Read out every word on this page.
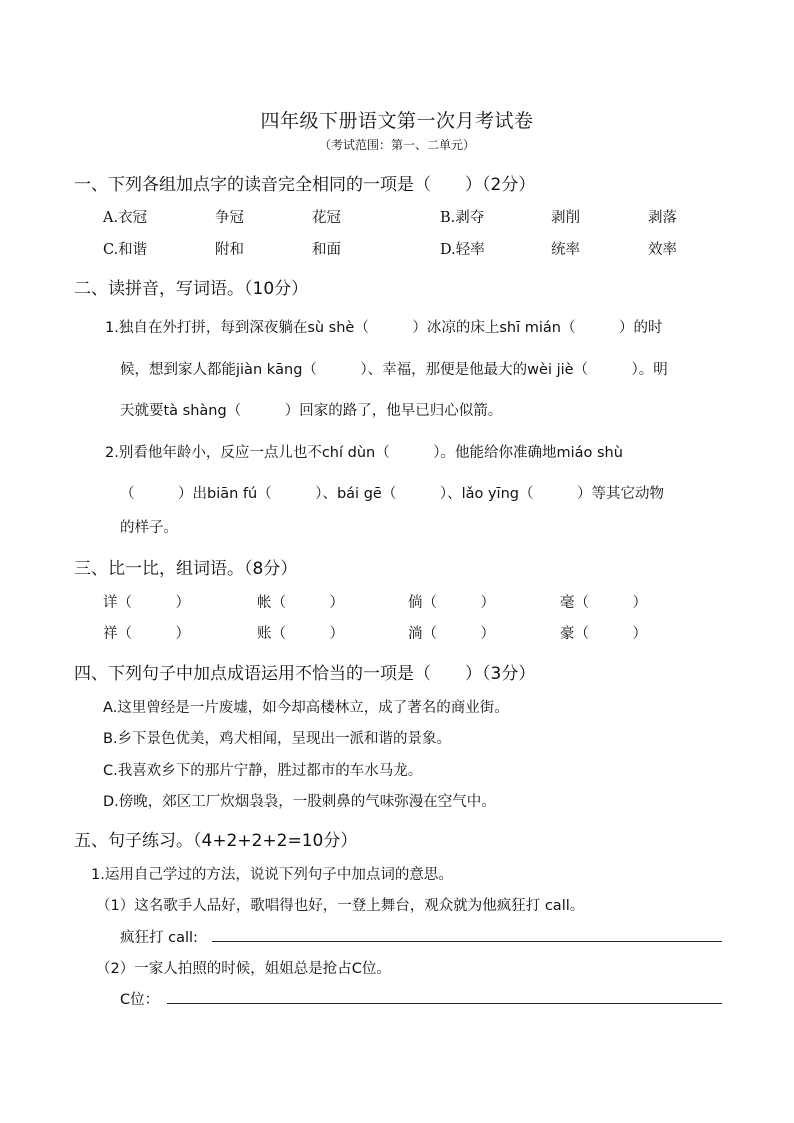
四年级下册语文第一次月考试卷
（考试范围：第一、二单元）
一、下列各组加点字的读音完全相同的一项是（　　）（2分）
A.衣冠	争冠	花冠	B.剥夺	剥削	剥落
C.和谐	附和	和面	D.轻率	统率	效率
二、读拼音，写词语。（10分）
1.独自在外打拼，每到深夜躺在sù shè（　　　）冰凉的床上shī mián（　　　）的时
候，想到家人都能jiàn kāng（　　　）、幸福，那便是他最大的wèi jiè（　　　）。明
天就要tà shàng（　　　）回家的路了，他早已归心似箭。
2.别看他年龄小，反应一点儿也不chí dùn（　　　）。他能给你准确地miáo shù
（　　　）出biān fú（　　　）、bái gē（　　　）、lǎo yīng（　　　）等其它动物
的样子。
三、比一比，组词语。（8分）
详（　　　）	帐（　　　）	倘（　　　）	毫（　　　）
祥（　　　）	账（　　　）	淌（　　　）	豪（　　　）
四、下列句子中加点成语运用不恰当的一项是（　　）（3分）
A.这里曾经是一片废墟，如今却高楼林立，成了著名的商业街。
B.乡下景色优美，鸡犬相闻，呈现出一派和谐的景象。
C.我喜欢乡下的那片宁静，胜过都市的车水马龙。
D.傍晚，郊区工厂炊烟袅袅，一股刺鼻的气味弥漫在空气中。
五、句子练习。（4+2+2+2=10分）
1.运用自己学过的方法，说说下列句子中加点词的意思。
（1）这名歌手人品好，歌唱得也好，一登上舞台，观众就为他疯狂打 call。
疯狂打 call:
（2）一家人拍照的时候，姐姐总是抢占C位。
C位：
